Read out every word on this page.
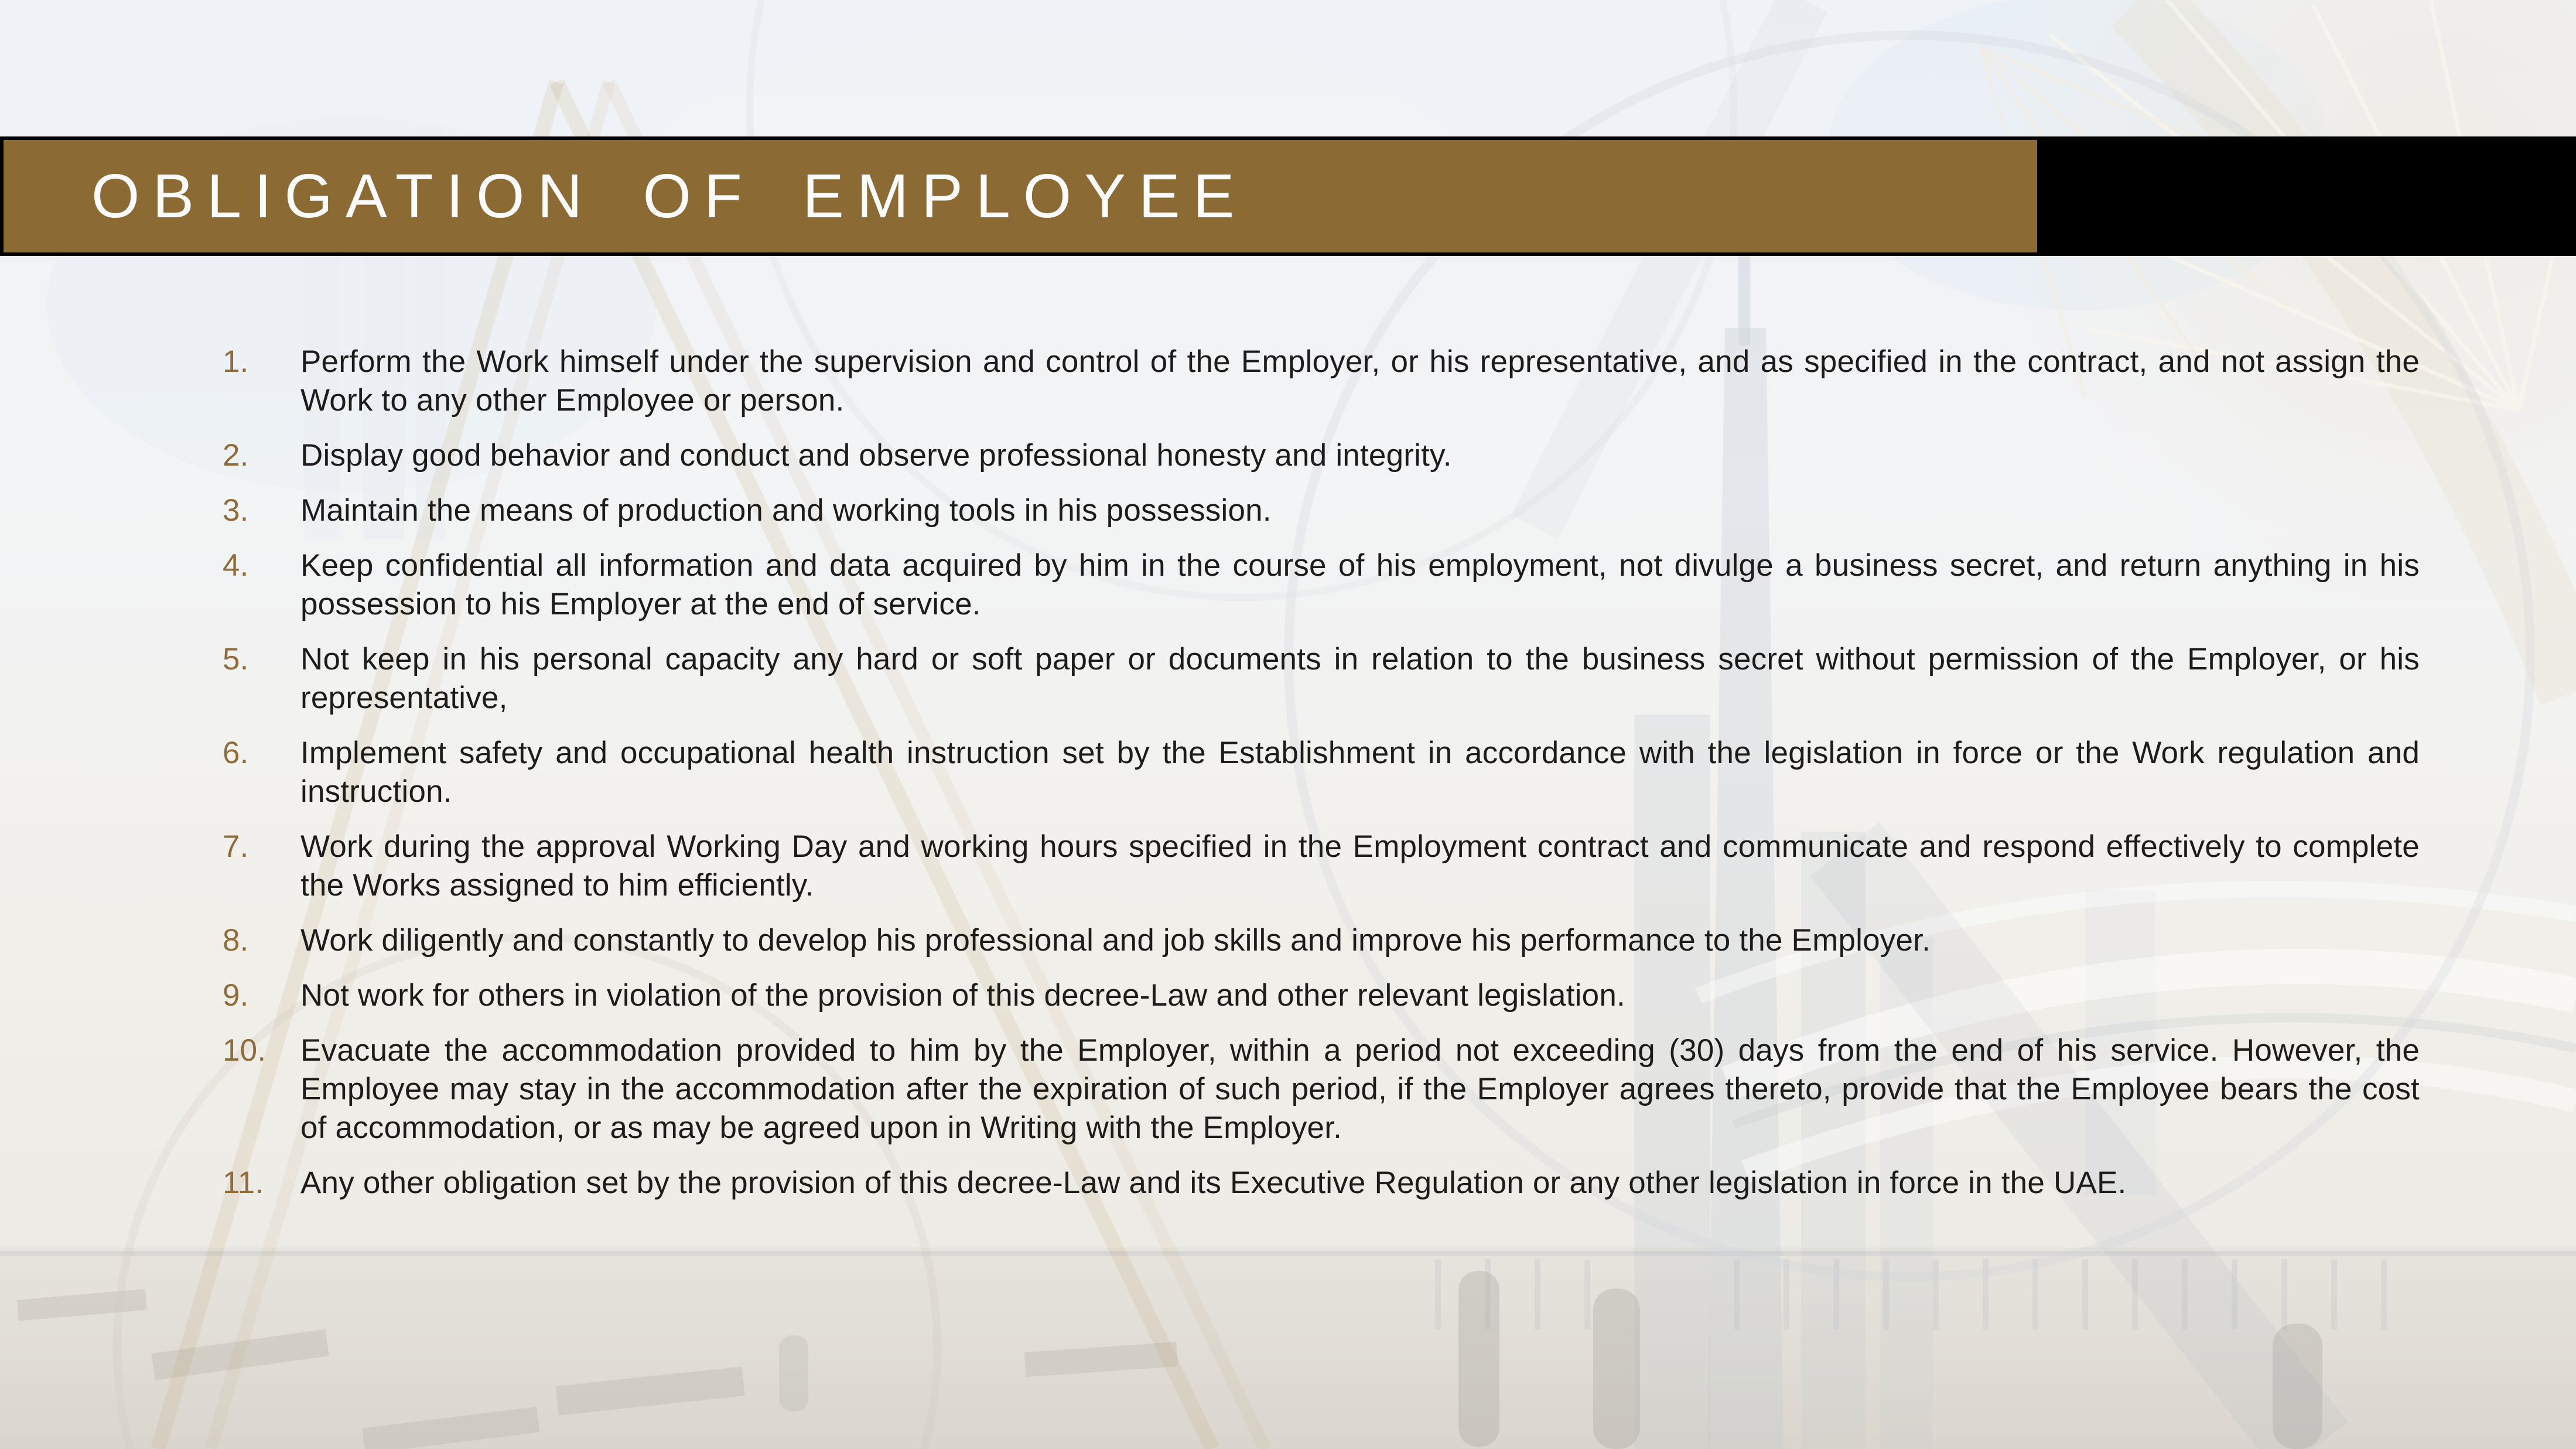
OBLIGATION OF EMPLOYEE
1.	Perform the Work himself under the supervision and control of the Employer, or his representative, and as specified in the contract, and not assign the Work to any other Employee or person.
2.	Display good behavior and conduct and observe professional honesty and integrity.
3.	Maintain the means of production and working tools in his possession.
4.	Keep confidential all information and data acquired by him in the course of his employment, not divulge a business secret, and return anything in his possession to his Employer at the end of service.
5.	Not keep in his personal capacity any hard or soft paper or documents in relation to the business secret without permission of the Employer, or his representative,
6.	Implement safety and occupational health instruction set by the Establishment in accordance with the legislation in force or the Work regulation and instruction.
7.	Work during the approval Working Day and working hours specified in the Employment contract and communicate and respond effectively to complete the Works assigned to him efficiently.
8.	Work diligently and constantly to develop his professional and job skills and improve his performance to the Employer.
9.	Not work for others in violation of the provision of this decree-Law and other relevant legislation.
10.	Evacuate the accommodation provided to him by the Employer, within a period not exceeding (30) days from the end of his service. However, the Employee may stay in the accommodation after the expiration of such period, if the Employer agrees thereto, provide that the Employee bears the cost of accommodation, or as may be agreed upon in Writing with the Employer.
11.	Any other obligation set by the provision of this decree-Law and its Executive Regulation or any other legislation in force in the UAE.
